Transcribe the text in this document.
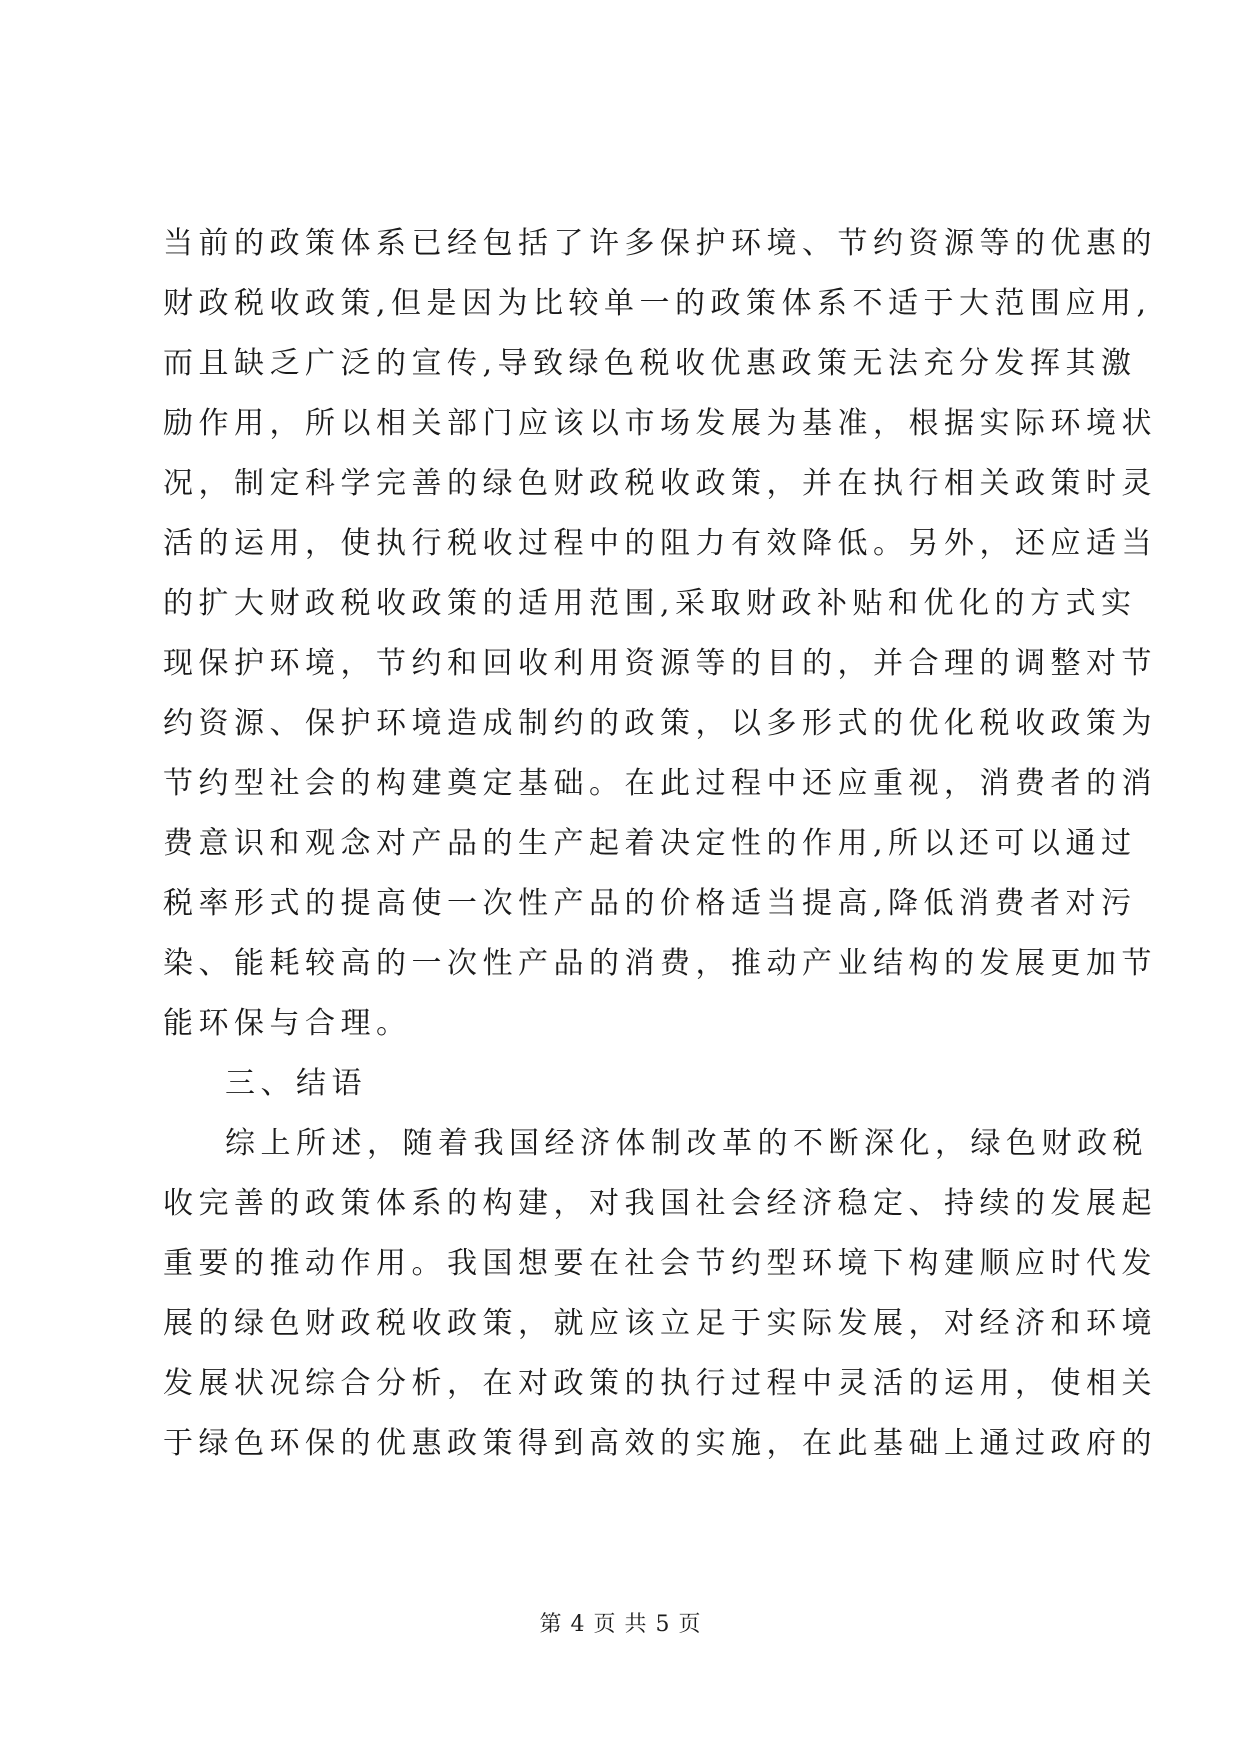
当前的政策体系已经包括了许多保护环境、节约资源等的优惠的
财政税收政策,但是因为比较单一的政策体系不适于大范围应用,
而且缺乏广泛的宣传,导致绿色税收优惠政策无法充分发挥其激
励作用，所以相关部门应该以市场发展为基准，根据实际环境状
况，制定科学完善的绿色财政税收政策，并在执行相关政策时灵
活的运用，使执行税收过程中的阻力有效降低。另外，还应适当
的扩大财政税收政策的适用范围,采取财政补贴和优化的方式实
现保护环境，节约和回收利用资源等的目的，并合理的调整对节
约资源、保护环境造成制约的政策，以多形式的优化税收政策为
节约型社会的构建奠定基础。在此过程中还应重视，消费者的消
费意识和观念对产品的生产起着决定性的作用,所以还可以通过
税率形式的提高使一次性产品的价格适当提高,降低消费者对污
染、能耗较高的一次性产品的消费，推动产业结构的发展更加节
能环保与合理。
三、结语
综上所述，随着我国经济体制改革的不断深化，绿色财政税
收完善的政策体系的构建，对我国社会经济稳定、持续的发展起
重要的推动作用。我国想要在社会节约型环境下构建顺应时代发
展的绿色财政税收政策，就应该立足于实际发展，对经济和环境
发展状况综合分析，在对政策的执行过程中灵活的运用，使相关
于绿色环保的优惠政策得到高效的实施，在此基础上通过政府的
第 4 页 共 5 页
